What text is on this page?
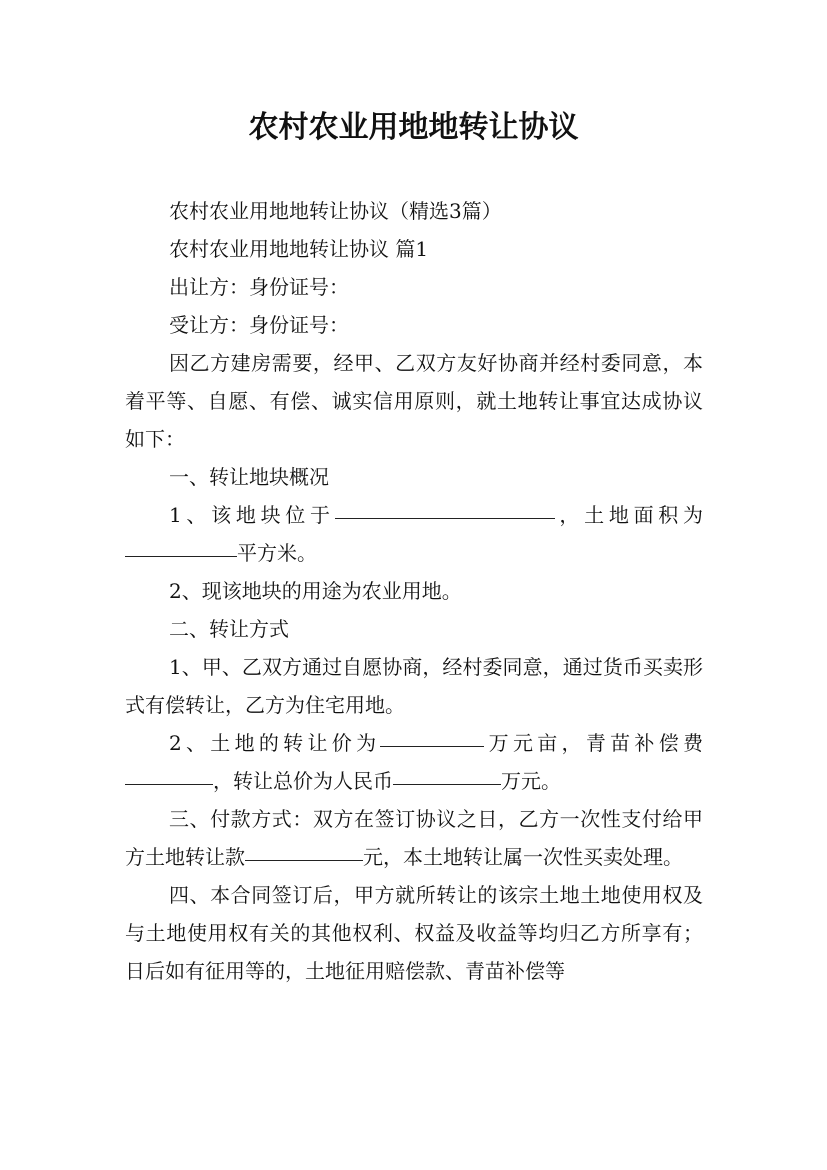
农村农业用地地转让协议

农村农业用地地转让协议（精选3篇）

农村农业用地地转让协议 篇1

出让方：身份证号：

受让方：身份证号：

因乙方建房需要，经甲、乙双方友好协商并经村委同意，本着平等、自愿、有偿、诚实信用原则，就土地转让事宜达成协议如下：

一、转让地块概况

1、该地块位于	，土地面积为平方米。

2、现该地块的用途为农业用地。

二、转让方式

1、甲、乙双方通过自愿协商，经村委同意，通过货币买卖形式有偿转让，乙方为住宅用地。

2、土地的转让价为	万元亩，青苗补偿费，转让总价为人民币	万元。

三、付款方式：双方在签订协议之日，乙方一次性支付给甲方土地转让款	元，本土地转让属一次性买卖处理。

四、本合同签订后，甲方就所转让的该宗土地土地使用权及与土地使用权有关的其他权利、权益及收益等均归乙方所享有；日后如有征用等的，土地征用赔偿款、青苗补偿等
